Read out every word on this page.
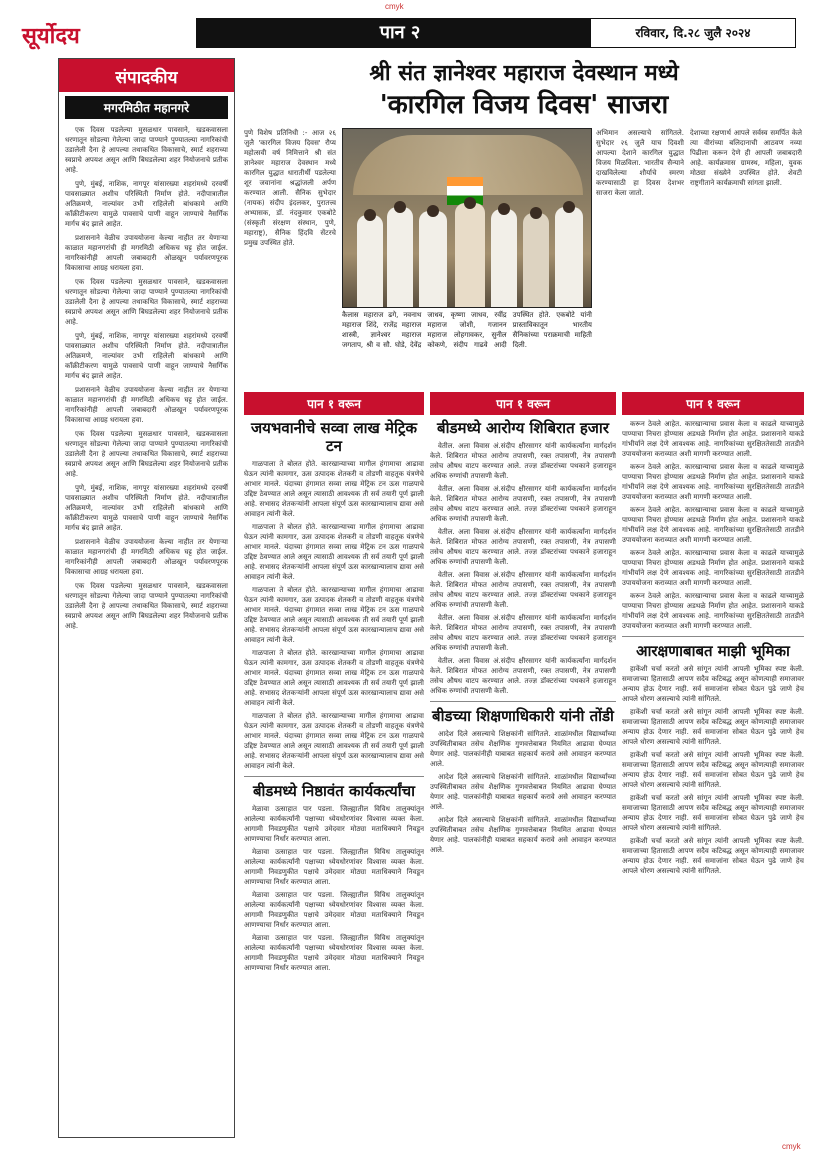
cmyk
सूर्योदय	पान २	रविवार, दि.२८ जुलै २०२४
संपादकीय
मगरमिठीत महानगरे

एक दिवस पडलेल्या मुसळधार पावसाने, खडकवासला धरणातून सोडल्या गेलेल्या जादा पाण्याने पुण्यातल्या नागरिकांची उडालेली दैना हे आपल्या तथाकथित विकासाचे, स्मार्ट शहराच्या स्वप्नाचे अपयश असून आणि बिघडलेल्या शहर नियोजनाचे प्रतीक आहे.

पुणे, मुंबई, नाशिक, नागपूर यांसारख्या शहरांमध्ये दरवर्षी पावसाळ्यात अशीच परिस्थिती निर्माण होते. नदीपात्रातील अतिक्रमणे, नाल्यांवर उभी राहिलेली बांधकामे आणि काँक्रीटीकरण यामुळे पावसाचे पाणी वाहून जाण्याचे नैसर्गिक मार्गच बंद झाले आहेत.

प्रशासनाने वेळीच उपाययोजना केल्या नाहीत तर येणाऱ्या काळात महानगरांची ही मगरमिठी अधिकच घट्ट होत जाईल. नागरिकांनीही आपली जबाबदारी ओळखून पर्यावरणपूरक विकासाचा आग्रह धरायला हवा.

एक दिवस पडलेल्या मुसळधार पावसाने, खडकवासला धरणातून सोडल्या गेलेल्या जादा पाण्याने पुण्यातल्या नागरिकांची उडालेली दैना हे आपल्या तथाकथित विकासाचे, स्मार्ट शहराच्या स्वप्नाचे अपयश असून आणि बिघडलेल्या शहर नियोजनाचे प्रतीक आहे.

पुणे, मुंबई, नाशिक, नागपूर यांसारख्या शहरांमध्ये दरवर्षी पावसाळ्यात अशीच परिस्थिती निर्माण होते. नदीपात्रातील अतिक्रमणे, नाल्यांवर उभी राहिलेली बांधकामे आणि काँक्रीटीकरण यामुळे पावसाचे पाणी वाहून जाण्याचे नैसर्गिक मार्गच बंद झाले आहेत.

प्रशासनाने वेळीच उपाययोजना केल्या नाहीत तर येणाऱ्या काळात महानगरांची ही मगरमिठी अधिकच घट्ट होत जाईल. नागरिकांनीही आपली जबाबदारी ओळखून पर्यावरणपूरक विकासाचा आग्रह धरायला हवा.

एक दिवस पडलेल्या मुसळधार पावसाने, खडकवासला धरणातून सोडल्या गेलेल्या जादा पाण्याने पुण्यातल्या नागरिकांची उडालेली दैना हे आपल्या तथाकथित विकासाचे, स्मार्ट शहराच्या स्वप्नाचे अपयश असून आणि बिघडलेल्या शहर नियोजनाचे प्रतीक आहे.

पुणे, मुंबई, नाशिक, नागपूर यांसारख्या शहरांमध्ये दरवर्षी पावसाळ्यात अशीच परिस्थिती निर्माण होते. नदीपात्रातील अतिक्रमणे, नाल्यांवर उभी राहिलेली बांधकामे आणि काँक्रीटीकरण यामुळे पावसाचे पाणी वाहून जाण्याचे नैसर्गिक मार्गच बंद झाले आहेत.

प्रशासनाने वेळीच उपाययोजना केल्या नाहीत तर येणाऱ्या काळात महानगरांची ही मगरमिठी अधिकच घट्ट होत जाईल. नागरिकांनीही आपली जबाबदारी ओळखून पर्यावरणपूरक विकासाचा आग्रह धरायला हवा.

एक दिवस पडलेल्या मुसळधार पावसाने, खडकवासला धरणातून सोडल्या गेलेल्या जादा पाण्याने पुण्यातल्या नागरिकांची उडालेली दैना हे आपल्या तथाकथित विकासाचे, स्मार्ट शहराच्या स्वप्नाचे अपयश असून आणि बिघडलेल्या शहर नियोजनाचे प्रतीक आहे.

श्री संत ज्ञानेश्वर महाराज देवस्थान मध्ये
'कारगिल विजय दिवस' साजरा
पुणे विशेष प्रतिनिधी :- आज २६ जुलै 'कारगिल विजय दिवस' रौप्य महोत्सवी वर्ष निमित्ताने श्री संत ज्ञानेश्वर महाराज देवस्थान मध्ये कारगिल युद्धात धारातीर्थी पडलेल्या शूर जवानांना श्रद्धांजली अर्पण करण्यात आली. सैनिक सुभेदार (नायक) संदीप इंदलकर, पुरातत्त्व अभ्यासक, डॉ. नंदकुमार एकबोटे (संस्कृती संरक्षण संस्थान, पुणे, महाराष्ट्र), सैनिक हिंदवि सेंटरचे प्रमुख उपस्थित होते.
कैलास महाराज ढगे, नवनाथ महाराज शिंदे, राजेंद्र महाराज शास्त्री, ज्ञानेश्वर महाराज जगताप, श्री व सौ. घोडे, देवेंद्र जाधव, कृष्णा जाधव, रवींद्र महाराज जोशी, गजानन महाराज लोहगावकर, सुनील कोकणे, संदीप गाढवे आदी उपस्थित होते. एकबोटे यांनी प्रास्ताविकातून भारतीय सैनिकांच्या पराक्रमाची माहिती दिली.
अभिमान असल्याचे सांगितले. सुभेदार २६ जुलै याच दिवशी आपल्या देशाने कारगिल युद्धात विजय मिळविला. भारतीय सैन्याने दाखविलेल्या शौर्याचे स्मरण करण्यासाठी हा दिवस देशभर साजरा केला जातो.
देशाच्या रक्षणार्थ आपले सर्वस्व समर्पित केले त्या वीरांच्या बलिदानाची आठवण नव्या पिढीला करून देणे ही आपली जबाबदारी आहे. कार्यक्रमास ग्रामस्थ, महिला, युवक मोठ्या संख्येने उपस्थित होते. शेवटी राष्ट्रगीताने कार्यक्रमाची सांगता झाली.
पान १ वरून
जयभवानीचे सव्वा लाख मेट्रिक टन

गाळपाला ते बोलत होते. कारखान्याच्या मागील हंगामाचा आढावा घेऊन त्यांनी कामगार, ऊस उत्पादक शेतकरी व तोडणी वाहतूक यंत्रणेचे आभार मानले. यंदाच्या हंगामात सव्वा लाख मेट्रिक टन ऊस गाळपाचे उद्दिष्ट ठेवण्यात आले असून त्यासाठी आवश्यक ती सर्व तयारी पूर्ण झाली आहे. सभासद शेतकऱ्यांनी आपला संपूर्ण ऊस कारखान्यालाच द्यावा असे आवाहन त्यांनी केले.

गाळपाला ते बोलत होते. कारखान्याच्या मागील हंगामाचा आढावा घेऊन त्यांनी कामगार, ऊस उत्पादक शेतकरी व तोडणी वाहतूक यंत्रणेचे आभार मानले. यंदाच्या हंगामात सव्वा लाख मेट्रिक टन ऊस गाळपाचे उद्दिष्ट ठेवण्यात आले असून त्यासाठी आवश्यक ती सर्व तयारी पूर्ण झाली आहे. सभासद शेतकऱ्यांनी आपला संपूर्ण ऊस कारखान्यालाच द्यावा असे आवाहन त्यांनी केले.

गाळपाला ते बोलत होते. कारखान्याच्या मागील हंगामाचा आढावा घेऊन त्यांनी कामगार, ऊस उत्पादक शेतकरी व तोडणी वाहतूक यंत्रणेचे आभार मानले. यंदाच्या हंगामात सव्वा लाख मेट्रिक टन ऊस गाळपाचे उद्दिष्ट ठेवण्यात आले असून त्यासाठी आवश्यक ती सर्व तयारी पूर्ण झाली आहे. सभासद शेतकऱ्यांनी आपला संपूर्ण ऊस कारखान्यालाच द्यावा असे आवाहन त्यांनी केले.

गाळपाला ते बोलत होते. कारखान्याच्या मागील हंगामाचा आढावा घेऊन त्यांनी कामगार, ऊस उत्पादक शेतकरी व तोडणी वाहतूक यंत्रणेचे आभार मानले. यंदाच्या हंगामात सव्वा लाख मेट्रिक टन ऊस गाळपाचे उद्दिष्ट ठेवण्यात आले असून त्यासाठी आवश्यक ती सर्व तयारी पूर्ण झाली आहे. सभासद शेतकऱ्यांनी आपला संपूर्ण ऊस कारखान्यालाच द्यावा असे आवाहन त्यांनी केले.

गाळपाला ते बोलत होते. कारखान्याच्या मागील हंगामाचा आढावा घेऊन त्यांनी कामगार, ऊस उत्पादक शेतकरी व तोडणी वाहतूक यंत्रणेचे आभार मानले. यंदाच्या हंगामात सव्वा लाख मेट्रिक टन ऊस गाळपाचे उद्दिष्ट ठेवण्यात आले असून त्यासाठी आवश्यक ती सर्व तयारी पूर्ण झाली आहे. सभासद शेतकऱ्यांनी आपला संपूर्ण ऊस कारखान्यालाच द्यावा असे आवाहन त्यांनी केले.

बीडमध्ये निष्ठावंत कार्यकर्त्यांचा

मेळावा उत्साहात पार पडला. जिल्ह्यातील विविध तालुक्यांतून आलेल्या कार्यकर्त्यांनी पक्षाच्या ध्येयधोरणांवर विश्वास व्यक्त केला. आगामी निवडणुकीत पक्षाचे उमेदवार मोठ्या मताधिक्याने निवडून आणण्याचा निर्धार करण्यात आला.

मेळावा उत्साहात पार पडला. जिल्ह्यातील विविध तालुक्यांतून आलेल्या कार्यकर्त्यांनी पक्षाच्या ध्येयधोरणांवर विश्वास व्यक्त केला. आगामी निवडणुकीत पक्षाचे उमेदवार मोठ्या मताधिक्याने निवडून आणण्याचा निर्धार करण्यात आला.

मेळावा उत्साहात पार पडला. जिल्ह्यातील विविध तालुक्यांतून आलेल्या कार्यकर्त्यांनी पक्षाच्या ध्येयधोरणांवर विश्वास व्यक्त केला. आगामी निवडणुकीत पक्षाचे उमेदवार मोठ्या मताधिक्याने निवडून आणण्याचा निर्धार करण्यात आला.

मेळावा उत्साहात पार पडला. जिल्ह्यातील विविध तालुक्यांतून आलेल्या कार्यकर्त्यांनी पक्षाच्या ध्येयधोरणांवर विश्वास व्यक्त केला. आगामी निवडणुकीत पक्षाचे उमेदवार मोठ्या मताधिक्याने निवडून आणण्याचा निर्धार करण्यात आला.

पान १ वरून
बीडमध्ये आरोग्य शिबिरात हजार

वेतील. अला विवास अं.संदीप क्षीरसागर यांनी कार्यकर्त्यांना मार्गदर्शन केले. शिबिरात मोफत आरोग्य तपासणी, रक्त तपासणी, नेत्र तपासणी तसेच औषध वाटप करण्यात आले. तज्ज्ञ डॉक्टरांच्या पथकाने हजाराहून अधिक रुग्णांची तपासणी केली.

वेतील. अला विवास अं.संदीप क्षीरसागर यांनी कार्यकर्त्यांना मार्गदर्शन केले. शिबिरात मोफत आरोग्य तपासणी, रक्त तपासणी, नेत्र तपासणी तसेच औषध वाटप करण्यात आले. तज्ज्ञ डॉक्टरांच्या पथकाने हजाराहून अधिक रुग्णांची तपासणी केली.

वेतील. अला विवास अं.संदीप क्षीरसागर यांनी कार्यकर्त्यांना मार्गदर्शन केले. शिबिरात मोफत आरोग्य तपासणी, रक्त तपासणी, नेत्र तपासणी तसेच औषध वाटप करण्यात आले. तज्ज्ञ डॉक्टरांच्या पथकाने हजाराहून अधिक रुग्णांची तपासणी केली.

वेतील. अला विवास अं.संदीप क्षीरसागर यांनी कार्यकर्त्यांना मार्गदर्शन केले. शिबिरात मोफत आरोग्य तपासणी, रक्त तपासणी, नेत्र तपासणी तसेच औषध वाटप करण्यात आले. तज्ज्ञ डॉक्टरांच्या पथकाने हजाराहून अधिक रुग्णांची तपासणी केली.

वेतील. अला विवास अं.संदीप क्षीरसागर यांनी कार्यकर्त्यांना मार्गदर्शन केले. शिबिरात मोफत आरोग्य तपासणी, रक्त तपासणी, नेत्र तपासणी तसेच औषध वाटप करण्यात आले. तज्ज्ञ डॉक्टरांच्या पथकाने हजाराहून अधिक रुग्णांची तपासणी केली.

वेतील. अला विवास अं.संदीप क्षीरसागर यांनी कार्यकर्त्यांना मार्गदर्शन केले. शिबिरात मोफत आरोग्य तपासणी, रक्त तपासणी, नेत्र तपासणी तसेच औषध वाटप करण्यात आले. तज्ज्ञ डॉक्टरांच्या पथकाने हजाराहून अधिक रुग्णांची तपासणी केली.

बीडच्या शिक्षणाधिकारी यांनी तोंडी

आदेश दिले असल्याचे शिक्षकांनी सांगितले. शाळांमधील विद्यार्थ्यांच्या उपस्थितीबाबत तसेच शैक्षणिक गुणवत्तेबाबत नियमित आढावा घेण्यात येणार आहे. पालकांनीही याबाबत सहकार्य करावे असे आवाहन करण्यात आले.

आदेश दिले असल्याचे शिक्षकांनी सांगितले. शाळांमधील विद्यार्थ्यांच्या उपस्थितीबाबत तसेच शैक्षणिक गुणवत्तेबाबत नियमित आढावा घेण्यात येणार आहे. पालकांनीही याबाबत सहकार्य करावे असे आवाहन करण्यात आले.

आदेश दिले असल्याचे शिक्षकांनी सांगितले. शाळांमधील विद्यार्थ्यांच्या उपस्थितीबाबत तसेच शैक्षणिक गुणवत्तेबाबत नियमित आढावा घेण्यात येणार आहे. पालकांनीही याबाबत सहकार्य करावे असे आवाहन करण्यात आले.

पान १ वरून

करून ठेवले आहेत. कारखान्याचा प्रवास केला व काढले याच्यामुळे पाण्याचा निचरा होण्यास अडथळे निर्माण होत आहेत. प्रशासनाने याकडे गांभीर्याने लक्ष देणे आवश्यक आहे. नागरिकांच्या सुरक्षिततेसाठी तातडीने उपाययोजना कराव्यात अशी मागणी करण्यात आली.

करून ठेवले आहेत. कारखान्याचा प्रवास केला व काढले याच्यामुळे पाण्याचा निचरा होण्यास अडथळे निर्माण होत आहेत. प्रशासनाने याकडे गांभीर्याने लक्ष देणे आवश्यक आहे. नागरिकांच्या सुरक्षिततेसाठी तातडीने उपाययोजना कराव्यात अशी मागणी करण्यात आली.

करून ठेवले आहेत. कारखान्याचा प्रवास केला व काढले याच्यामुळे पाण्याचा निचरा होण्यास अडथळे निर्माण होत आहेत. प्रशासनाने याकडे गांभीर्याने लक्ष देणे आवश्यक आहे. नागरिकांच्या सुरक्षिततेसाठी तातडीने उपाययोजना कराव्यात अशी मागणी करण्यात आली.

करून ठेवले आहेत. कारखान्याचा प्रवास केला व काढले याच्यामुळे पाण्याचा निचरा होण्यास अडथळे निर्माण होत आहेत. प्रशासनाने याकडे गांभीर्याने लक्ष देणे आवश्यक आहे. नागरिकांच्या सुरक्षिततेसाठी तातडीने उपाययोजना कराव्यात अशी मागणी करण्यात आली.

करून ठेवले आहेत. कारखान्याचा प्रवास केला व काढले याच्यामुळे पाण्याचा निचरा होण्यास अडथळे निर्माण होत आहेत. प्रशासनाने याकडे गांभीर्याने लक्ष देणे आवश्यक आहे. नागरिकांच्या सुरक्षिततेसाठी तातडीने उपाययोजना कराव्यात अशी मागणी करण्यात आली.

आरक्षणाबाबत माझी भूमिका

हाकेंशी चर्चा करतो असे सांगून त्यांनी आपली भूमिका स्पष्ट केली. समाजाच्या हितासाठी आपण सदैव कटिबद्ध असून कोणत्याही समाजावर अन्याय होऊ देणार नाही. सर्व समाजांना सोबत घेऊन पुढे जाणे हेच आपले धोरण असल्याचे त्यांनी सांगितले.

हाकेंशी चर्चा करतो असे सांगून त्यांनी आपली भूमिका स्पष्ट केली. समाजाच्या हितासाठी आपण सदैव कटिबद्ध असून कोणत्याही समाजावर अन्याय होऊ देणार नाही. सर्व समाजांना सोबत घेऊन पुढे जाणे हेच आपले धोरण असल्याचे त्यांनी सांगितले.

हाकेंशी चर्चा करतो असे सांगून त्यांनी आपली भूमिका स्पष्ट केली. समाजाच्या हितासाठी आपण सदैव कटिबद्ध असून कोणत्याही समाजावर अन्याय होऊ देणार नाही. सर्व समाजांना सोबत घेऊन पुढे जाणे हेच आपले धोरण असल्याचे त्यांनी सांगितले.

हाकेंशी चर्चा करतो असे सांगून त्यांनी आपली भूमिका स्पष्ट केली. समाजाच्या हितासाठी आपण सदैव कटिबद्ध असून कोणत्याही समाजावर अन्याय होऊ देणार नाही. सर्व समाजांना सोबत घेऊन पुढे जाणे हेच आपले धोरण असल्याचे त्यांनी सांगितले.

हाकेंशी चर्चा करतो असे सांगून त्यांनी आपली भूमिका स्पष्ट केली. समाजाच्या हितासाठी आपण सदैव कटिबद्ध असून कोणत्याही समाजावर अन्याय होऊ देणार नाही. सर्व समाजांना सोबत घेऊन पुढे जाणे हेच आपले धोरण असल्याचे त्यांनी सांगितले.

cmyk
